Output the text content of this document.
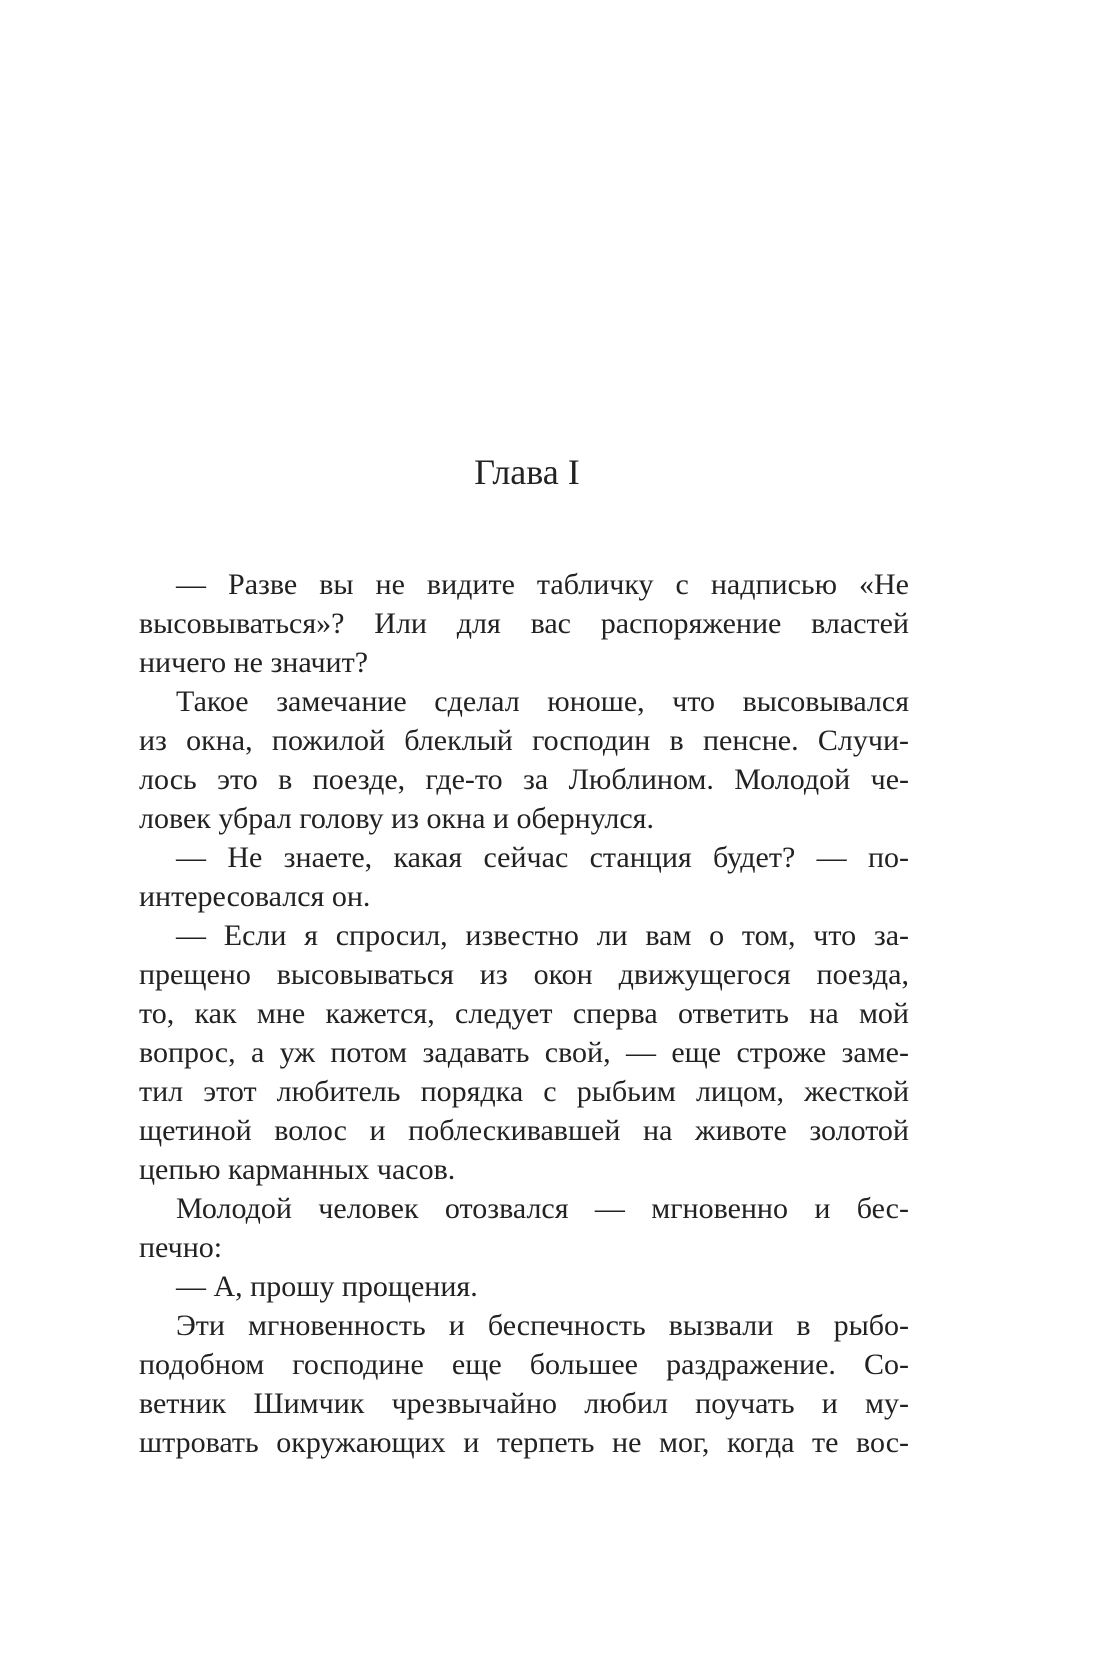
Глава I
— Разве вы не видите табличку с надписью «Не
высовываться»? Или для вас распоряжение властей
ничего не значит?
Такое замечание сделал юноше, что высовывался
из окна, пожилой блеклый господин в пенсне. Случи-
лось это в поезде, где-то за Люблином. Молодой че-
ловек убрал голову из окна и обернулся.
— Не знаете, какая сейчас станция будет? — по-
интересовался он.
— Если я спросил, известно ли вам о том, что за-
прещено высовываться из окон движущегося поезда,
то, как мне кажется, следует сперва ответить на мой
вопрос, а уж потом задавать свой, — еще строже заме-
тил этот любитель порядка с рыбьим лицом, жесткой
щетиной волос и поблескивавшей на животе золотой
цепью карманных часов.
Молодой человек отозвался — мгновенно и бес-
печно:
— А, прошу прощения.
Эти мгновенность и беспечность вызвали в рыбо-
подобном господине еще большее раздражение. Со-
ветник Шимчик чрезвычайно любил поучать и му-
штровать окружающих и терпеть не мог, когда те вос-
